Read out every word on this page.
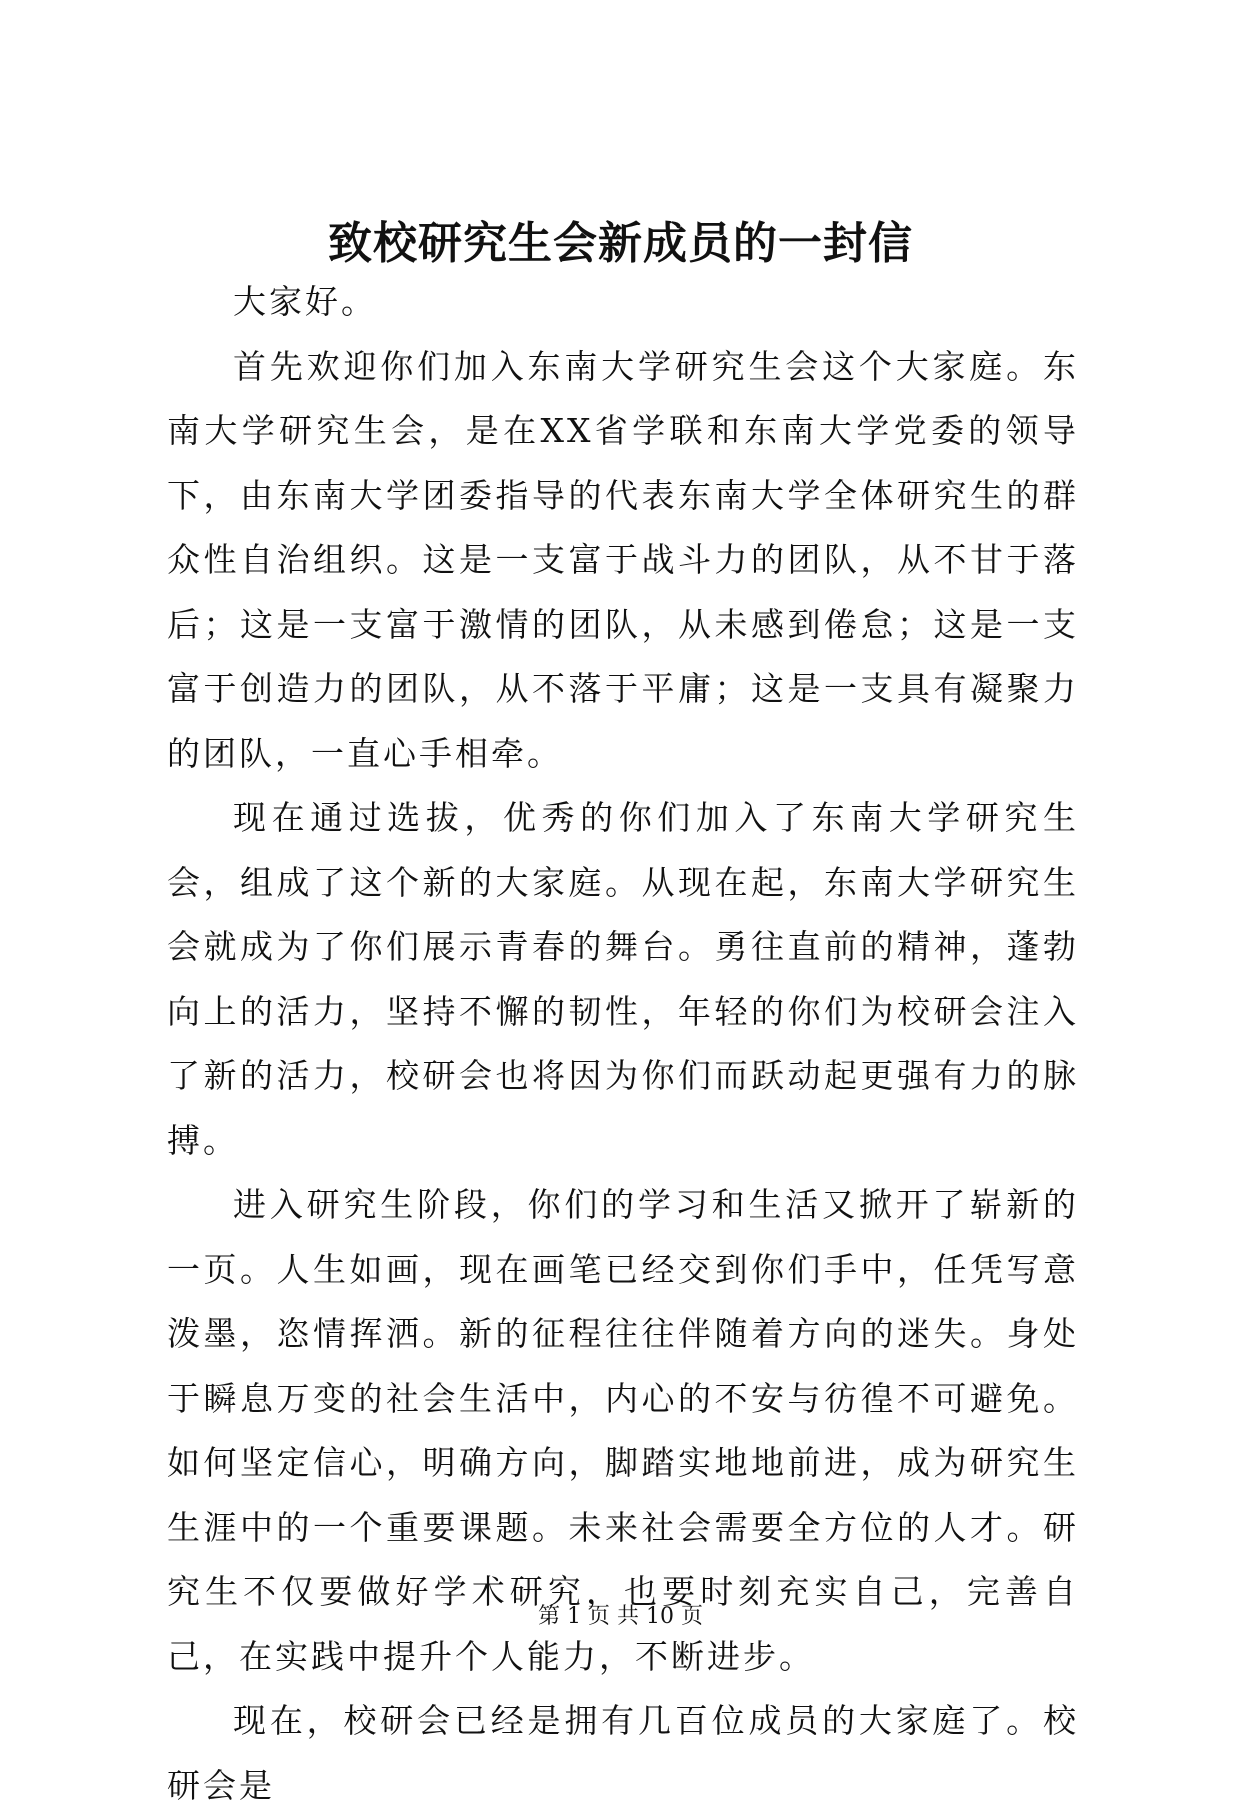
致校研究生会新成员的一封信

大家好。

首先欢迎你们加入东南大学研究生会这个大家庭。东南大学研究生会，是在XX省学联和东南大学党委的领导下，由东南大学团委指导的代表东南大学全体研究生的群众性自治组织。这是一支富于战斗力的团队，从不甘于落后；这是一支富于激情的团队，从未感到倦怠；这是一支富于创造力的团队，从不落于平庸；这是一支具有凝聚力的团队，一直心手相牵。

现在通过选拔，优秀的你们加入了东南大学研究生会，组成了这个新的大家庭。从现在起，东南大学研究生会就成为了你们展示青春的舞台。勇往直前的精神，蓬勃向上的活力，坚持不懈的韧性，年轻的你们为校研会注入了新的活力，校研会也将因为你们而跃动起更强有力的脉搏。

进入研究生阶段，你们的学习和生活又掀开了崭新的一页。人生如画，现在画笔已经交到你们手中，任凭写意泼墨，恣情挥洒。新的征程往往伴随着方向的迷失。身处于瞬息万变的社会生活中，内心的不安与彷徨不可避免。如何坚定信心，明确方向，脚踏实地地前进，成为研究生生涯中的一个重要课题。未来社会需要全方位的人才。研究生不仅要做好学术研究，也要时刻充实自己，完善自己，在实践中提升个人能力，不断进步。

现在，校研会已经是拥有几百位成员的大家庭了。校研会是

第 1 页 共 10 页
